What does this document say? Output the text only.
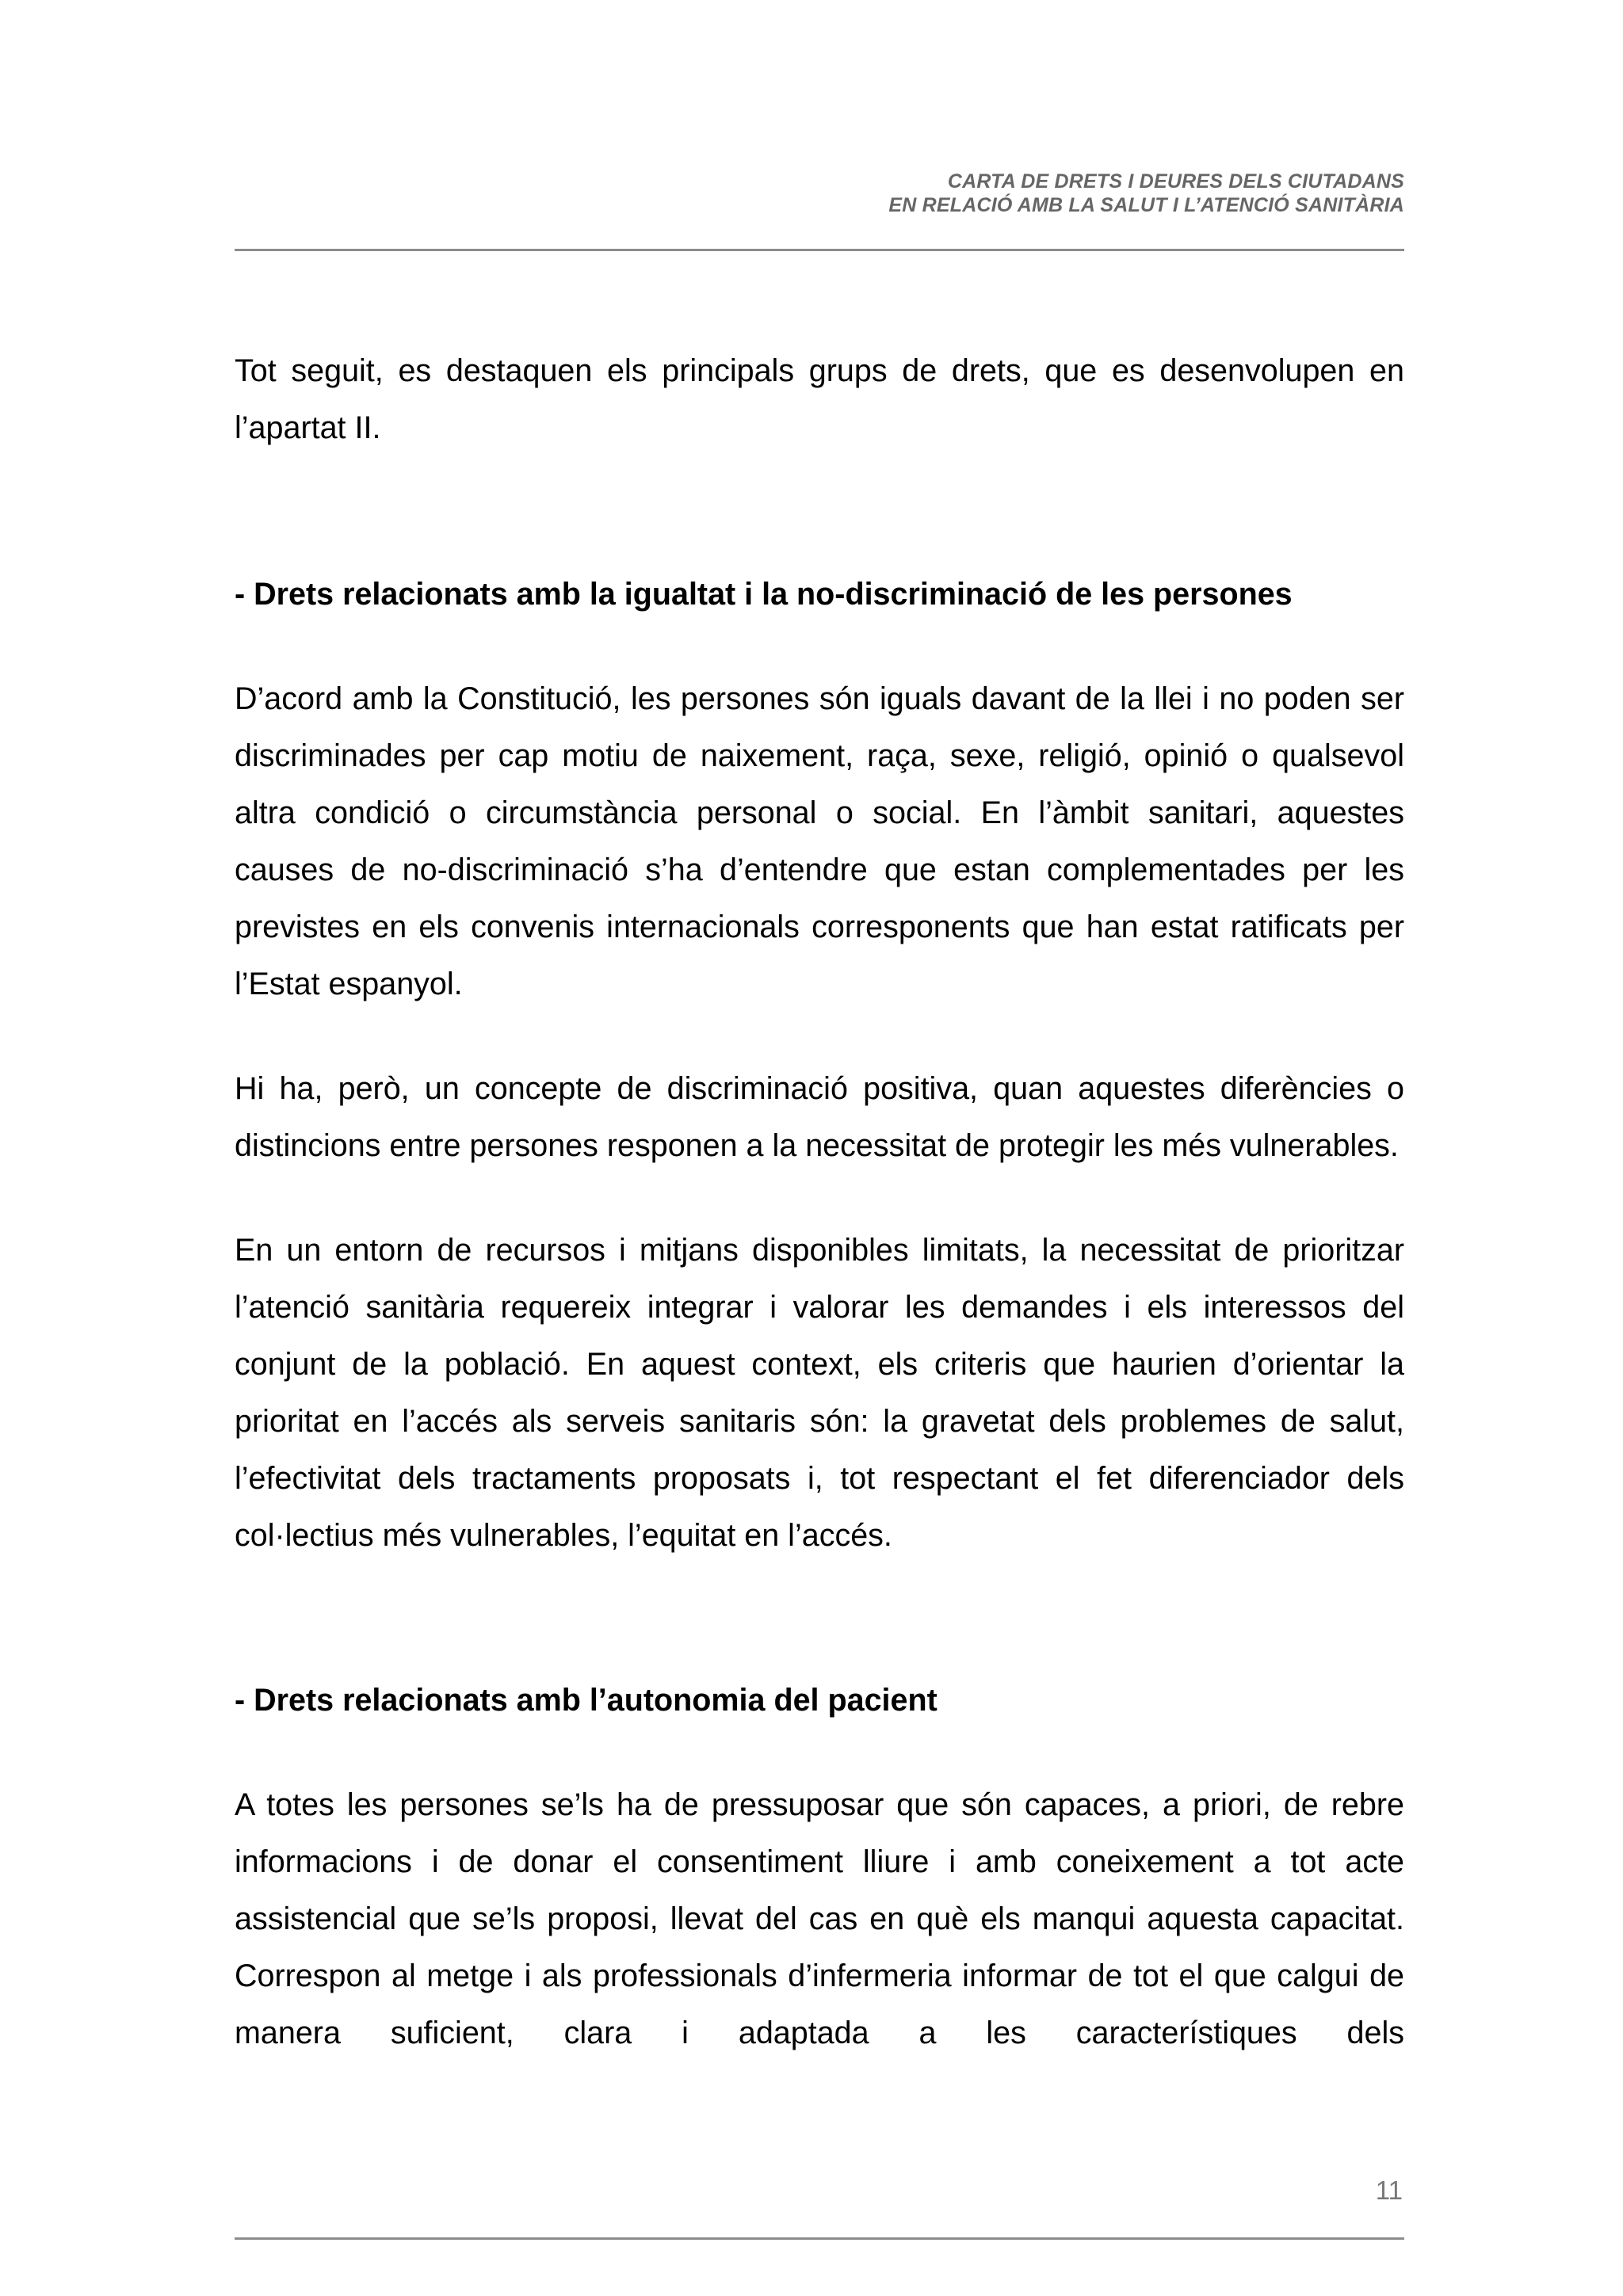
CARTA DE DRETS I DEURES DELS CIUTADANS
EN RELACIÓ AMB LA SALUT I L’ATENCIÓ SANITÀRIA

Tot seguit, es destaquen els principals grups de drets, que es desenvolupen en l’apartat II.

- Drets relacionats amb la igualtat i la no-discriminació de les persones

D’acord amb la Constitució, les persones són iguals davant de la llei i no poden ser discriminades per cap motiu de naixement, raça, sexe, religió, opinió o qualsevol altra condició o circumstància personal o social. En l’àmbit sanitari, aquestes causes de no-discriminació s’ha d’entendre que estan complementades per les previstes en els convenis internacionals corresponents que han estat ratificats per l’Estat espanyol.

Hi ha, però, un concepte de discriminació positiva, quan aquestes diferències o distincions entre persones responen a la necessitat de protegir les més vulnerables.

En un entorn de recursos i mitjans disponibles limitats, la necessitat de prioritzar l’atenció sanitària requereix integrar i valorar les demandes i els interessos del conjunt de la població. En aquest context, els criteris que haurien d’orientar la prioritat en l’accés als serveis sanitaris són: la gravetat dels problemes de salut, l’efectivitat dels tractaments proposats i, tot respectant el fet diferenciador dels col·lectius més vulnerables, l’equitat en l’accés.

- Drets relacionats amb l’autonomia del pacient

A totes les persones se’ls ha de pressuposar que són capaces, a priori, de rebre informacions i de donar el consentiment lliure i amb coneixement a tot acte assistencial que se’ls proposi, llevat del cas en què els manqui aquesta capacitat. Correspon al metge i als professionals d’infermeria informar de tot el que calgui de manera suficient, clara i adaptada a les característiques dels

11
